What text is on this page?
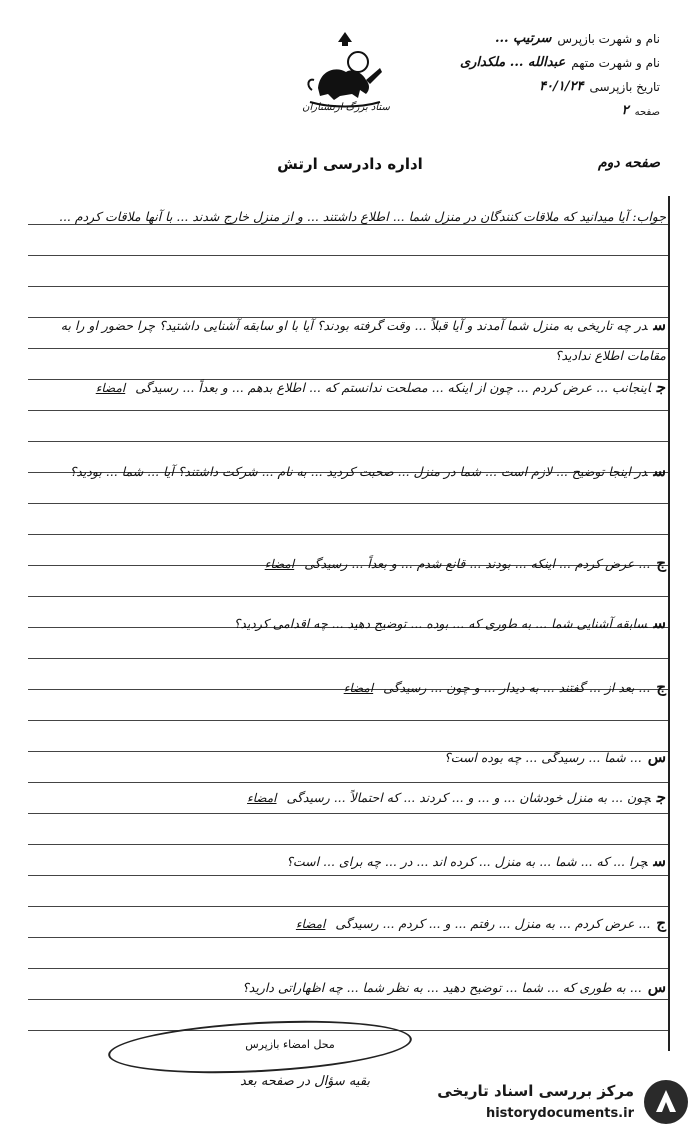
ستاد بزرگ ارتشتاران
نام و شهرت بازپرس
سرتیپ ...
نام و شهرت متهم
عبدالله ... ملکداری
تاریخ بازپرسی
۴۰/۱/۲۴
صفحه
۲
صفحه دوم
اداره دادرسی ارتش
جواب: آیا میدانید که ملاقات کنندگان در منزل شما ... اطلاع داشتند ... و از منزل خارج شدند ... با آنها ملاقات کردم ...
سدر چه تاریخی به منزل شما آمدند و آیا قبلاً ... وقت گرفته بودند؟ آیا با او سابقه آشنایی داشتید؟ چرا حضور او را به مقامات اطلاع ندادید؟
جاینجانب ... عرض کردم ... چون از اینکه ... مصلحت ندانستم که ... اطلاع بدهم ... و بعداً ... رسیدگیامضاء
سدر اینجا توضیح ... لازم است ... شما در منزل ... صحبت کردید ... به نام ... شرکت داشتند؟ آیا ... شما ... بودید؟
ج... عرض کردم ... اینکه ... بودند ... قانع شدم ... و بعداً ... رسیدگیامضاء
سسابقه آشنایی شما ... به طوری که ... بوده ... توضیح دهید ... چه اقدامی کردید؟
ج... بعد از ... گفتند ... به دیدار ... و چون ... رسیدگیامضاء
س... شما ... رسیدگی ... چه بوده است؟
جچون ... به منزل خودشان ... و ... و ... کردند ... که احتمالاً ... رسیدگیامضاء
سچرا ... که ... شما ... به منزل ... کرده اند ... در ... چه برای ... است؟
ج... عرض کردم ... به منزل ... رفتم ... و ... کردم ... رسیدگیامضاء
س... به طوری که ... شما ... توضیح دهید ... به نظر شما ... چه اظهاراتی دارید؟
محل امضاء بازپرس
بقیه سؤال در صفحه بعد
مرکز بررسی اسناد تاریخی
historydocuments.ir
